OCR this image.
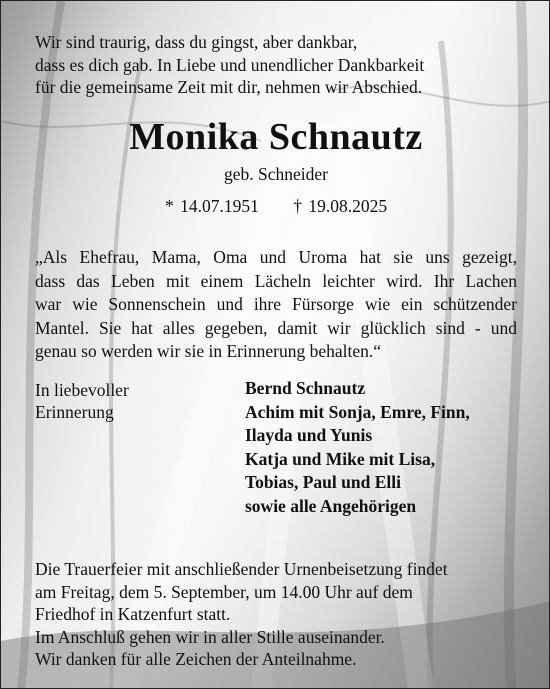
Wir sind traurig, dass du gingst, aber dankbar,
dass es dich gab. In Liebe und unendlicher Dankbarkeit
für die gemeinsame Zeit mit dir, nehmen wir Abschied.
Monika Schnautz
geb. Schneider
* 14.07.1951 † 19.08.2025
„Als Ehefrau, Mama, Oma und Uroma hat sie uns gezeigt,
dass das Leben mit einem Lächeln leichter wird. Ihr Lachen
war wie Sonnenschein und ihre Fürsorge wie ein schützender
Mantel. Sie hat alles gegeben, damit wir glücklich sind - und
genau so werden wir sie in Erinnerung behalten.“
In liebevoller
Erinnerung
Bernd Schnautz
Achim mit Sonja, Emre, Finn,
Ilayda und Yunis
Katja und Mike mit Lisa,
Tobias, Paul und Elli
sowie alle Angehörigen
Die Trauerfeier mit anschließender Urnenbeisetzung findet
am Freitag, dem 5. September, um 14.00 Uhr auf dem
Friedhof in Katzenfurt statt.
Im Anschluß gehen wir in aller Stille auseinander.
Wir danken für alle Zeichen der Anteilnahme.
